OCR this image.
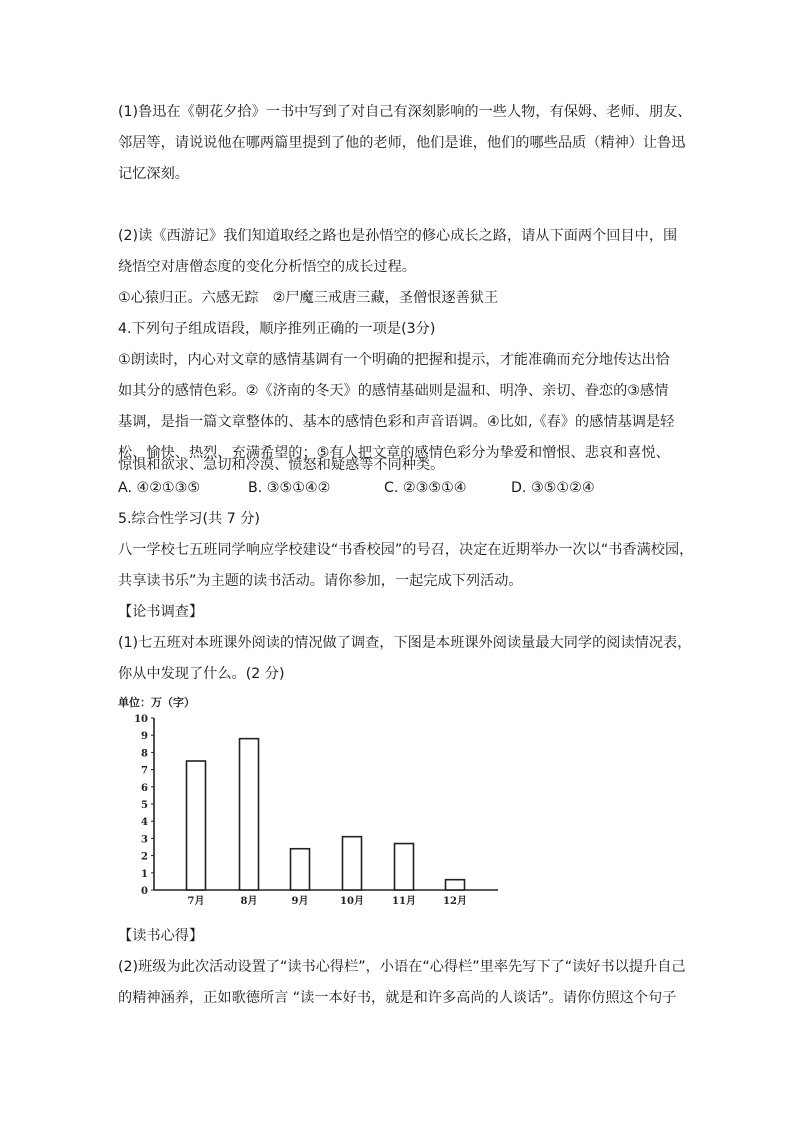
(1)鲁迅在《朝花夕拾》一书中写到了对自己有深刻影响的一些人物，有保姆、老师、朋友、
邻居等，请说说他在哪两篇里提到了他的老师，他们是谁，他们的哪些品质（精神）让鲁迅
记忆深刻。
(2)读《西游记》我们知道取经之路也是孙悟空的修心成长之路，请从下面两个回目中，围
绕悟空对唐僧态度的变化分析悟空的成长过程。
①心猿归正。六感无踪　②尸魔三戒唐三藏，圣僧恨逐善狱王
4.下列句子组成语段，顺序推列正确的一项是(3分)
①朗读时，内心对文章的感情基调有一个明确的把握和提示，才能准确而充分地传达出恰
如其分的感情色彩。②《济南的冬天》的感情基础则是温和、明净、亲切、眷恋的③感情
基调，是指一篇文章整体的、基本的感情色彩和声音语调。④比如,《春》的感情基调是轻
松、愉快、热烈、充满希望的；⑤有人把文章的感情色彩分为挚爱和憎恨、悲哀和喜悦、
惊惧和欲求、急切和冷漠、愤怒和疑惑等不同种类。
A. ④②①③⑤	B. ③⑤①④②	C. ②③⑤①④	D. ③⑤①②④
5.综合性学习(共 7 分)
八一学校七五班同学响应学校建设“书香校园”的号召，决定在近期举办一次以“书香满校园，
共享读书乐”为主题的读书活动。请你参加，一起完成下列活动。
【论书调查】
(1)七五班对本班课外阅读的情况做了调查，下图是本班课外阅读量最大同学的阅读情况表，
你从中发现了什么。(2 分)
单位：万（字）
7月	8月	9月	10月	11月	12月
0
1
2
3
4
5
6
7
8
9
10
【读书心得】
(2)班级为此次活动设置了“读书心得栏”，小语在“心得栏”里率先写下了“读好书以提升自己
的精神涵养，正如歌德所言 “读一本好书，就是和许多高尚的人谈话”。请你仿照这个句子
